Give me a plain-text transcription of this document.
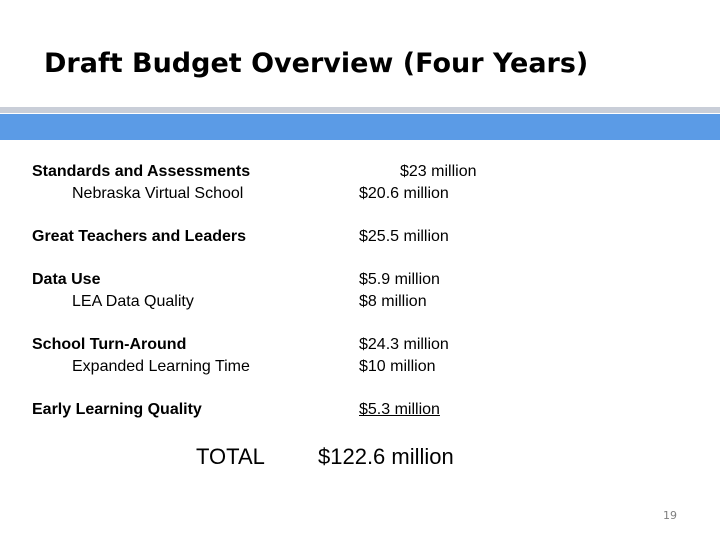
Draft Budget Overview (Four Years)
Standards and Assessments	$23 million
Nebraska Virtual School	$20.6 million
Great Teachers and Leaders	$25.5 million
Data Use	$5.9 million
LEA Data Quality	$8 million
School Turn-Around	$24.3 million
Expanded Learning Time	$10 million
Early Learning Quality	$5.3 million
TOTAL $122.6 million
19
